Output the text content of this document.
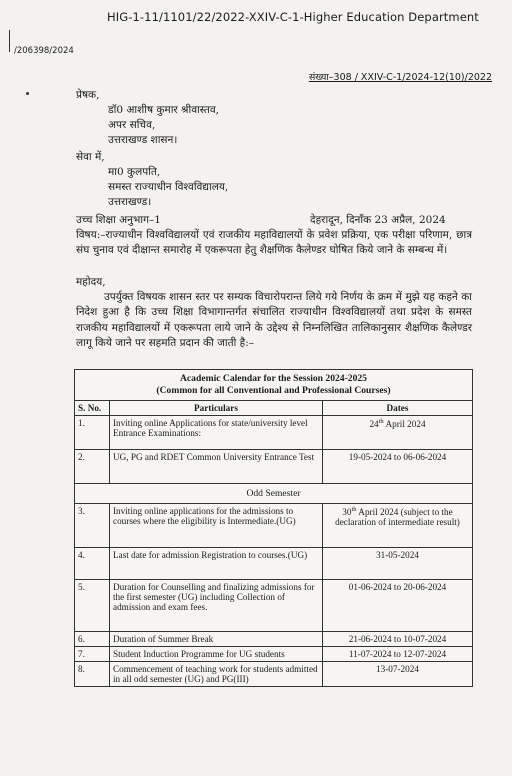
HIG-1-11/1101/22/2022-XXIV-C-1-Higher Education Department
/206398/2024
संख्या–308 / XXIV-C-1/2024-12(10)/2022
प्रेषक,
डॉ0 आशीष कुमार श्रीवास्तव,
अपर सचिव,
उत्तराखण्ड शासन।
सेवा में,
मा0 कुलपति,
समस्त राज्याधीन विश्वविद्यालय,
उत्तराखण्ड।
उच्च शिक्षा अनुभाग–1	देहरादून, दिनाँक 23 अप्रैल, 2024
विषय:–राज्याधीन विश्वविद्यालयों एवं राजकीय महाविद्यालयों के प्रवेश प्रक्रिया, एक परीक्षा परिणाम, छात्र संघ चुनाव एवं दीक्षान्त समारोह में एकरूपता हेतु शैक्षणिक कैलेण्डर घोषित किये जाने के सम्बन्ध में।
महोदय,
उपर्युक्त विषयक शासन स्तर पर सम्यक विचारोपरान्त लिये गये निर्णय के क्रम में मुझे यह कहने का निदेश हुआ है कि उच्च शिक्षा विभागान्तर्गत संचालित राज्याधीन विश्वविद्यालयों तथा प्रदेश के समस्त राजकीय महाविद्यालयों में एकरूपता लाये जाने के उद्देश्य से निम्नलिखित तालिकानुसार शैक्षणिक कैलेण्डर लागू किये जाने पर सहमति प्रदान की जाती है:–
Academic Calendar for the Session 2024-2025
(Common for all Conventional and Professional Courses)		

S. No.	Particulars	Dates
1.	Inviting online Applications for state/university level Entrance Examinations:	24th April 2024
2.	UG, PG and RDET Common University Entrance Test	19-05-2024 to 06-06-2024
Odd Semester		
3.	Inviting online applications for the admissions to courses where the eligibility is Intermediate.(UG)	30th April 2024 (subject to the declaration of intermediate result)
4.	Last date for admission Registration to courses.(UG)	31-05-2024
5.	Duration for Counselling and finalizing admissions for the first semester (UG) including Collection of admission and exam fees.	01-06-2024 to 20-06-2024
6.	Duration of Summer Break	21-06-2024 to 10-07-2024
7.	Student Induction Programme for UG students	11-07-2024 to 12-07-2024
8.	Commencement of teaching work for students admitted in all odd semester (UG) and PG(III)	13-07-2024
